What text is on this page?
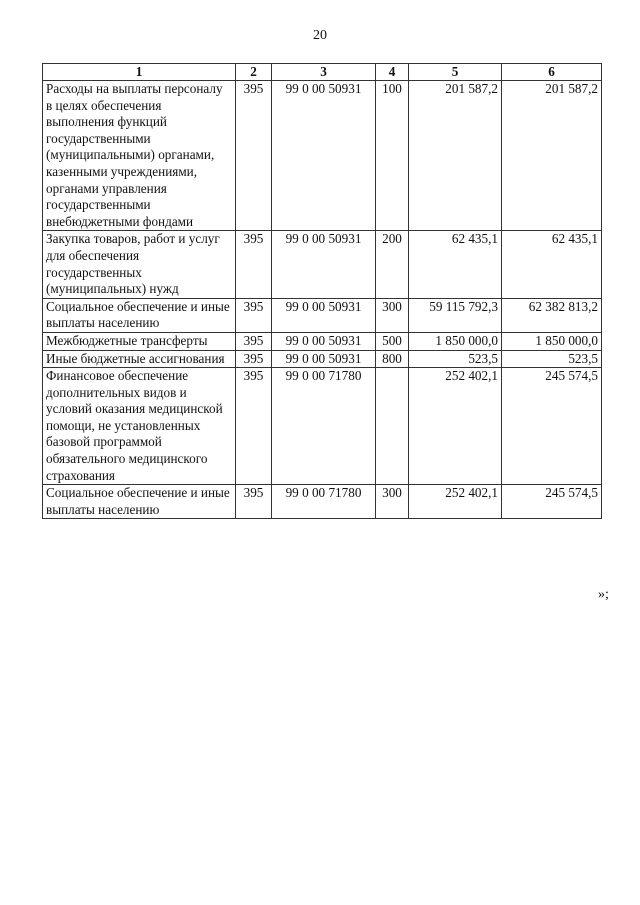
20
1	2	3	4	5	6
Расходы на выплаты персоналу в целях обеспечения выполнения функций государственными (муниципальными) органами, казенными учреждениями, органами управления государственными внебюджетными фондами	395	99 0 00 50931	100	201 587,2	201 587,2
Закупка товаров, работ и услуг для обеспечения государственных (муниципальных) нужд	395	99 0 00 50931	200	62 435,1	62 435,1
Социальное обеспечение и иные выплаты населению	395	99 0 00 50931	300	59 115 792,3	62 382 813,2
Межбюджетные трансферты	395	99 0 00 50931	500	1 850 000,0	1 850 000,0
Иные бюджетные ассигнования	395	99 0 00 50931	800	523,5	523,5
Финансовое обеспечение дополнительных видов и условий оказания медицинской помощи, не установленных базовой программой обязательного медицинского страхования	395	99 0 00 71780		252 402,1	245 574,5
Социальное обеспечение и иные выплаты населению	395	99 0 00 71780	300	252 402,1	245 574,5
»;
